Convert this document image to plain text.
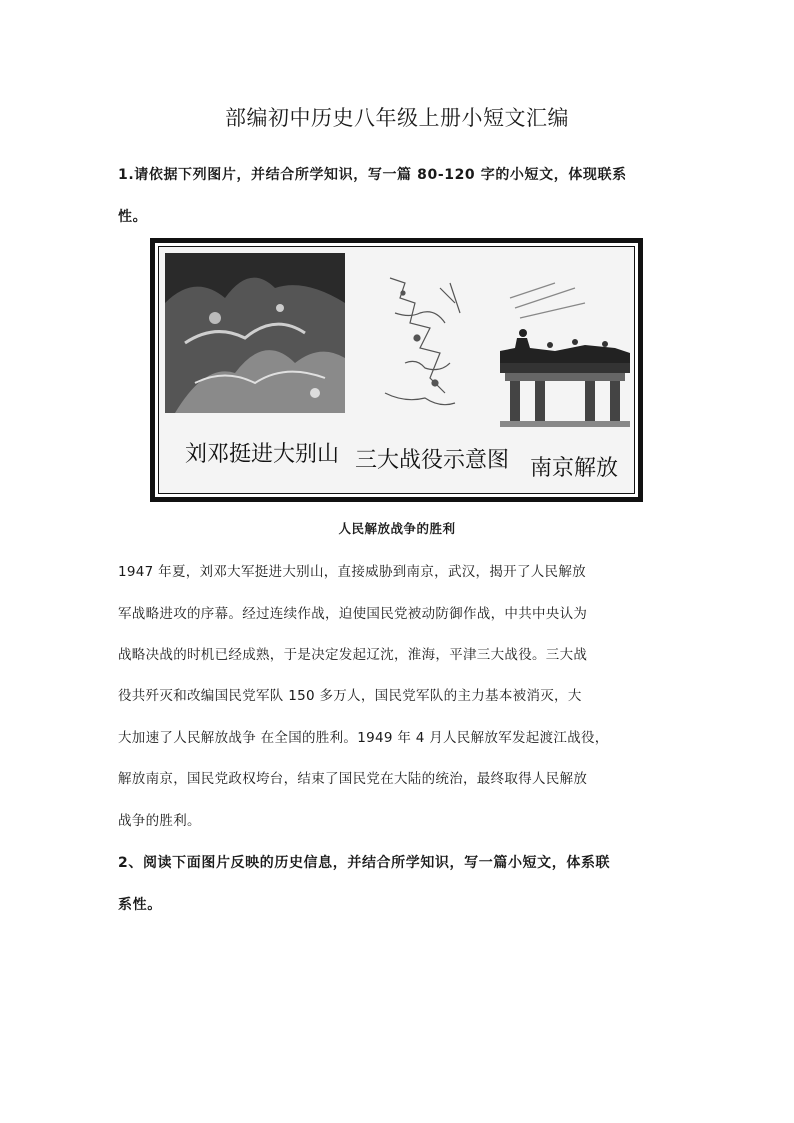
部编初中历史八年级上册小短文汇编
1.请依据下列图片，并结合所学知识，写一篇 80-120 字的小短文，体现联系
性。
刘邓挺进大别山 三大战役示意图 南京解放
人民解放战争的胜利
1947 年夏，刘邓大军挺进大别山，直接威胁到南京，武汉，揭开了人民解放
军战略进攻的序幕。经过连续作战，迫使国民党被动防御作战，中共中央认为
战略决战的时机已经成熟，于是决定发起辽沈，淮海，平津三大战役。三大战
役共歼灭和改编国民党军队 150 多万人，国民党军队的主力基本被消灭，大
大加速了人民解放战争 在全国的胜利。1949 年 4 月人民解放军发起渡江战役，
解放南京，国民党政权垮台，结束了国民党在大陆的统治，最终取得人民解放
战争的胜利。
2、阅读下面图片反映的历史信息，并结合所学知识，写一篇小短文，体系联
系性。
